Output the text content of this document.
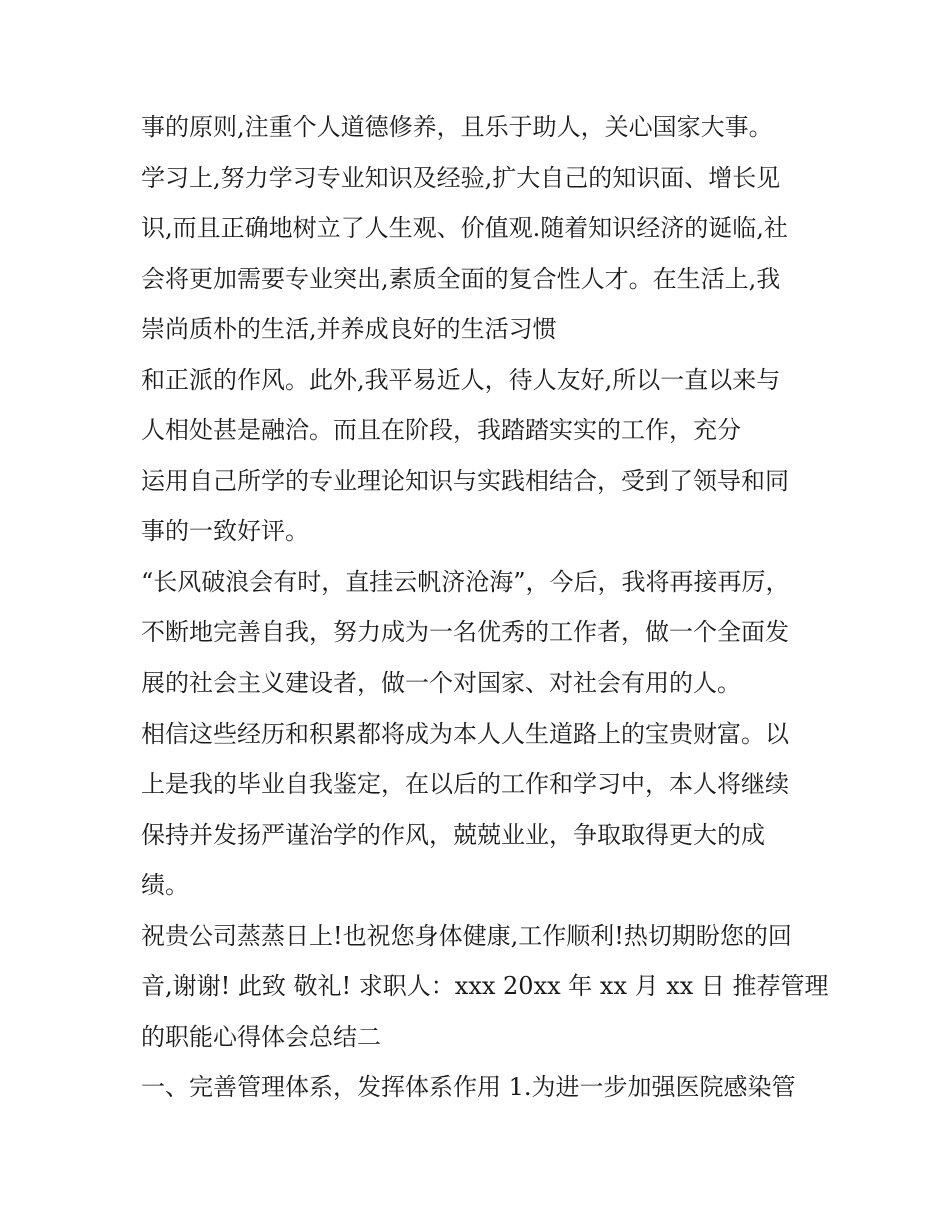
事的原则,注重个人道德修养，且乐于助人，关心国家大事。
学习上,努力学习专业知识及经验,扩大自己的知识面、增长见
识,而且正确地树立了人生观、价值观.随着知识经济的诞临,社
会将更加需要专业突出,素质全面的复合性人才。在生活上,我
崇尚质朴的生活,并养成良好的生活习惯
和正派的作风。此外,我平易近人，待人友好,所以一直以来与
人相处甚是融洽。而且在阶段，我踏踏实实的工作，充分
运用自己所学的专业理论知识与实践相结合，受到了领导和同
事的一致好评。
“长风破浪会有时，直挂云帆济沧海”，今后，我将再接再厉，
不断地完善自我，努力成为一名优秀的工作者，做一个全面发
展的社会主义建设者，做一个对国家、对社会有用的人。
相信这些经历和积累都将成为本人人生道路上的宝贵财富。以
上是我的毕业自我鉴定，在以后的工作和学习中，本人将继续
保持并发扬严谨治学的作风，兢兢业业，争取取得更大的成
绩。
祝贵公司蒸蒸日上!也祝您身体健康,工作顺利!热切期盼您的回
音,谢谢! 此致 敬礼! 求职人：xxx 20xx 年 xx 月 xx 日 推荐管理
的职能心得体会总结二
一、完善管理体系，发挥体系作用 1.为进一步加强医院感染管
